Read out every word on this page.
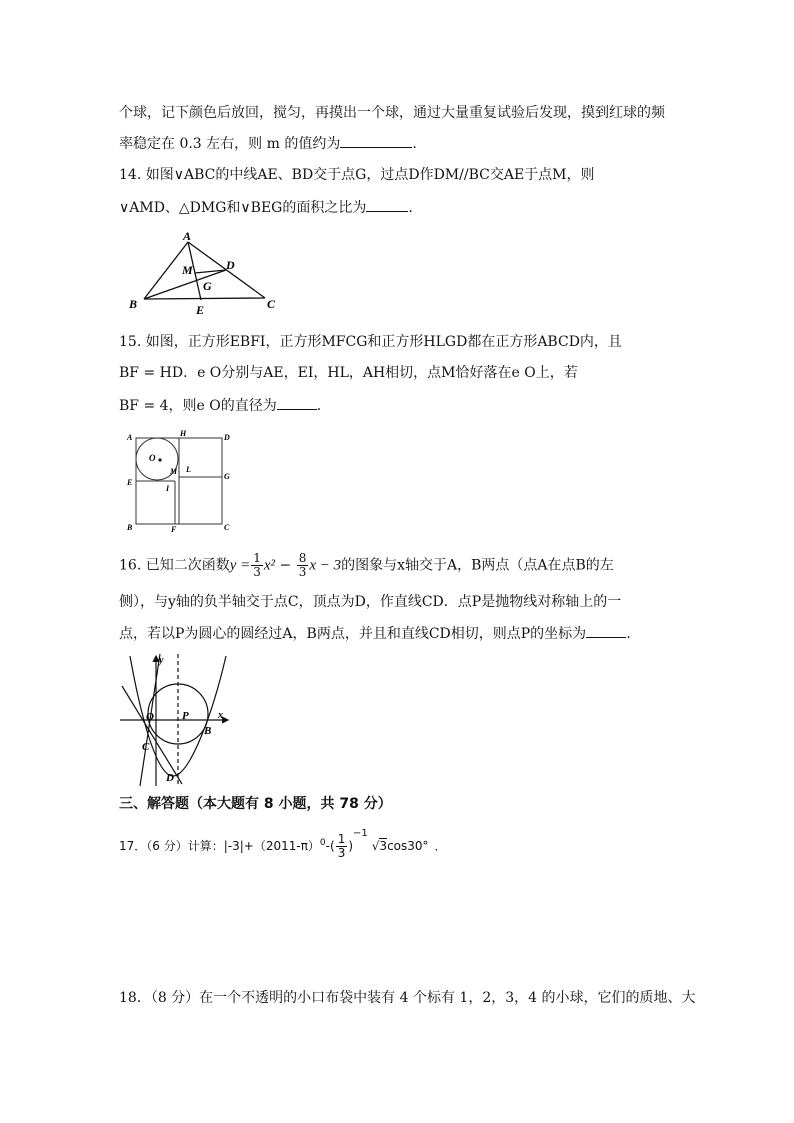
个球，记下颜色后放回，搅匀，再摸出一个球，通过大量重复试验后发现，摸到红球的频
率稳定在 0.3 左右，则 m 的值约为	.
14. 如图∨ABC的中线AE、BD交于点G，过点D作DM//BC交AE于点M，则
∨AMD、△DMG和∨BEG的面积之比为	.
A
M	D
G
B	E	C
15. 如图，正方形EBFI，正方形MFCG和正方形HLGD都在正方形ABCD内，且
BF = HD．e O分别与AE，EI，HL，AH相切，点M恰好落在e O上，若
BF = 4，则e O的直径为	.
A	H	D
O
M L
G
E
I
B	F	C
16. 已知二次函数$y = \frac{1}{3} x^2 - \frac{8}{3}$ x − 3的图象与x轴交于A，B两点（点A在点B的左
侧），与y轴的负半轴交于点C，顶点为D，作直线CD．点P是抛物线对称轴上的一
点，若以P为圆心的圆经过A，B两点，并且和直线CD相切，则点P的坐标为	.
y
O	P	x
C
B
D
三、解答题（本大题有 8 小题，共 78 分）
17．（6 分）计算：$|-3|+(2011-\pi)^0-( \frac{1}{3} )^{-1}√3\cos 30^\circ$ ．
18．（8 分）在一个不透明的小口布袋中装有 4 个标有 1，2，3，4 的小球，它们的质地、大
